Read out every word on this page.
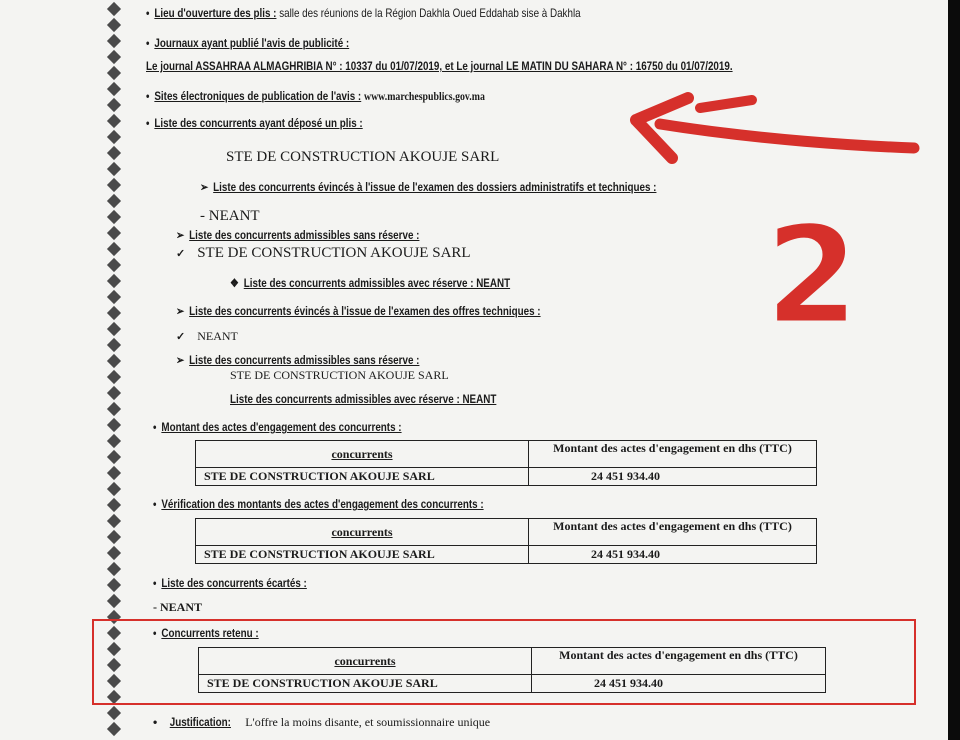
• Lieu d'ouverture des plis : salle des réunions de la Région Dakhla Oued Eddahab sise à Dakhla
• Journaux ayant publié l'avis de publicité :
Le journal ASSAHRAA ALMAGHRIBIA N° : 10337 du 01/07/2019, et Le journal LE MATIN DU SAHARA N° : 16750 du 01/07/2019.
• Sites électroniques de publication de l'avis : www.marchespublics.gov.ma
• Liste des concurrents ayant déposé un plis :
STE DE CONSTRUCTION AKOUJE SARL
➢ Liste des concurrents évincés à l'issue de l'examen des dossiers administratifs et techniques :
- NEANT
➢ Liste des concurrents admissibles sans réserve :
✓ STE DE CONSTRUCTION AKOUJE SARL
❖ Liste des concurrents admissibles avec réserve : NEANT
➢ Liste des concurrents évincés à l'issue de l'examen des offres techniques :
✓ NEANT
➢ Liste des concurrents admissibles sans réserve :
STE DE CONSTRUCTION AKOUJE SARL
Liste des concurrents admissibles avec réserve : NEANT
• Montant des actes d'engagement des concurrents :
concurrents	Montant des actes d'engagement en dhs (TTC)
STE DE CONSTRUCTION AKOUJE SARL	24 451 934.40
• Vérification des montants des actes d'engagement des concurrents :
concurrents	Montant des actes d'engagement en dhs (TTC)
STE DE CONSTRUCTION AKOUJE SARL	24 451 934.40
• Liste des concurrents écartés :
- NEANT
• Concurrents retenu :
concurrents	Montant des actes d'engagement en dhs (TTC)
STE DE CONSTRUCTION AKOUJE SARL	24 451 934.40
• Justification: L'offre la moins disante, et soumissionnaire unique
2
